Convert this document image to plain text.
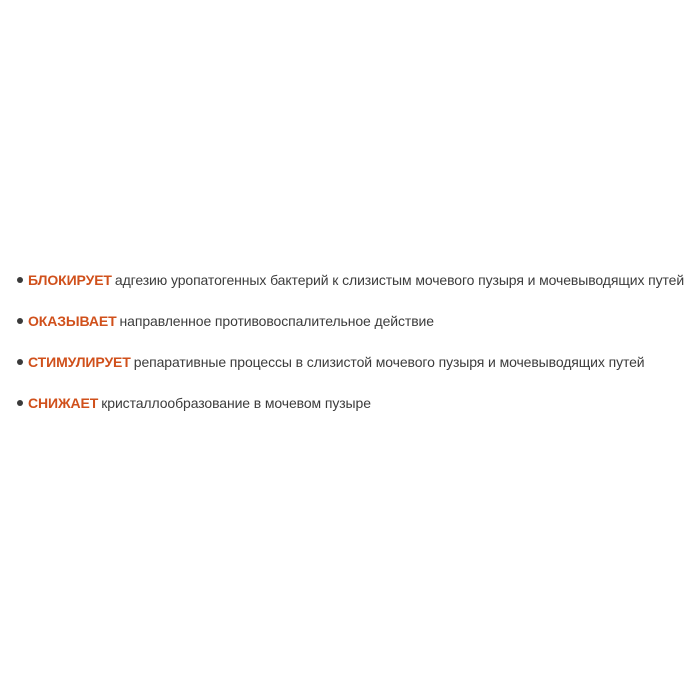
БЛОКИРУЕТ адгезию уропатогенных бактерий к слизистым мочевого пузыря и мочевыводящих путей
ОКАЗЫВАЕТ направленное противовоспалительное действие
СТИМУЛИРУЕТ репаративные процессы в слизистой мочевого пузыря и мочевыводящих путей
СНИЖАЕТ кристаллообразование в мочевом пузыре
